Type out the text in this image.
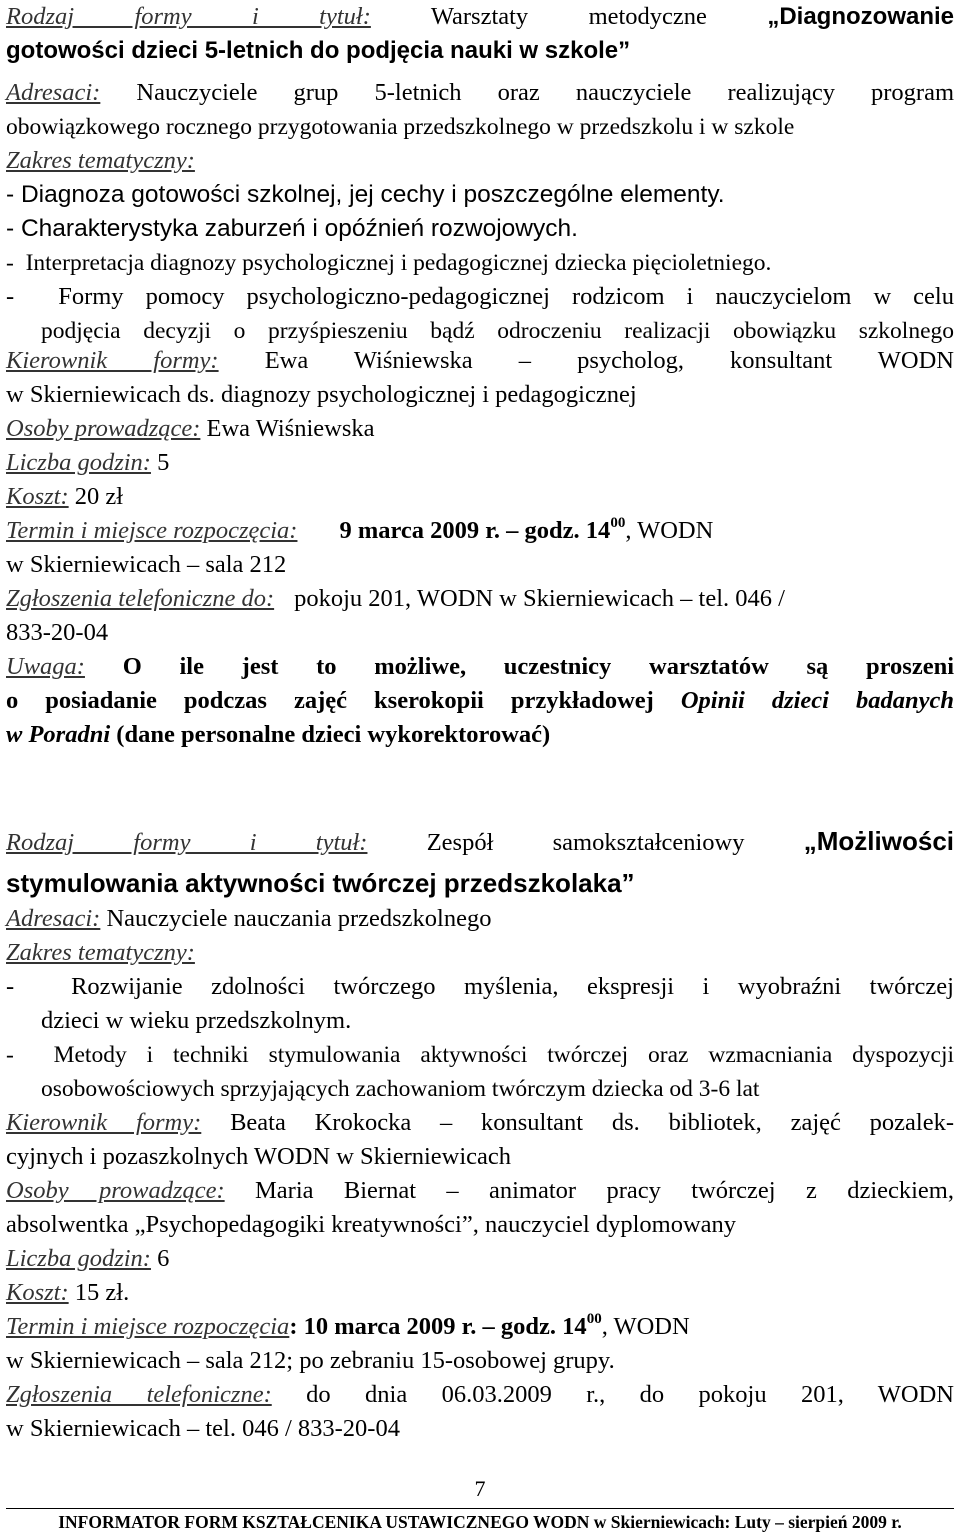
Rodzaj formy i tytuł: Warsztaty metodyczne	„Diagnozowanie
gotowości dzieci 5-letnich do podjęcia nauki w szkole”
Adresaci: Nauczyciele grup 5-letnich oraz nauczyciele realizujący program
obowiązkowego rocznego przygotowania przedszkolnego w przedszkolu i w szkole
Zakres tematyczny:
- Diagnoza gotowości szkolnej, jej cechy i poszczególne elementy.
- Charakterystyka zaburzeń i opóźnień rozwojowych.
-  Interpretacja diagnozy psychologicznej i pedagogicznej dziecka pięcioletniego.
-  Formy pomocy psychologiczno-pedagogicznej rodzicom i nauczycielom w celu
podjęcia decyzji o przyśpieszeniu bądź odroczeniu realizacji obowiązku szkolnego
Kierownik formy: Ewa Wiśniewska – psycholog, konsultant WODN
w Skierniewicach ds. diagnozy psychologicznej i pedagogicznej
Osoby prowadzące: Ewa Wiśniewska
Liczba godzin: 5
Koszt: 20 zł
Termin i miejsce rozpoczęcia: 9 marca 2009 r. – godz. $14^{00}$, WODN
w Skierniewicach – sala 212
Zgłoszenia telefoniczne do: pokoju 201, WODN w Skierniewicach – tel. 046 /
833-20-04
Uwaga: O ile jest to możliwe, uczestnicy warsztatów są proszeni
o posiadanie podczas zajęć kserokopii przykładowej Opinii dzieci badanych
w Poradni (dane personalne dzieci wykorektorować)
Rodzaj formy i tytuł: Zespół samokształceniowy „Możliwości
stymulowania aktywności twórczej przedszkolaka”
Adresaci: Nauczyciele nauczania przedszkolnego
Zakres tematyczny:
-  Rozwijanie zdolności twórczego myślenia, ekspresji i wyobraźni twórczej
dzieci w wieku przedszkolnym.
-  Metody i techniki stymulowania aktywności twórczej oraz wzmacniania dyspozycji
osobowościowych sprzyjających zachowaniom twórczym dziecka od 3-6 lat
Kierownik formy: Beata Krokocka – konsultant ds. bibliotek, zajęć pozalek-
cyjnych i pozaszkolnych WODN w Skierniewicach
Osoby prowadzące: Maria Biernat – animator pracy twórczej z dzieckiem,
absolwentka „Psychopedagogiki kreatywności”, nauczyciel dyplomowany
Liczba godzin: 6
Koszt: 15 zł.
Termin i miejsce rozpoczęcia: 10 marca 2009 r. – godz. $14^{00}$, WODN
w Skierniewicach – sala 212; po zebraniu 15-osobowej grupy.
Zgłoszenia telefoniczne: do dnia 06.03.2009 r., do pokoju 201, WODN
w Skierniewicach – tel. 046 / 833-20-04
7
INFORMATOR FORM KSZTAŁCENIKA USTAWICZNEGO WODN w Skierniewicach: Luty – sierpień 2009 r.
